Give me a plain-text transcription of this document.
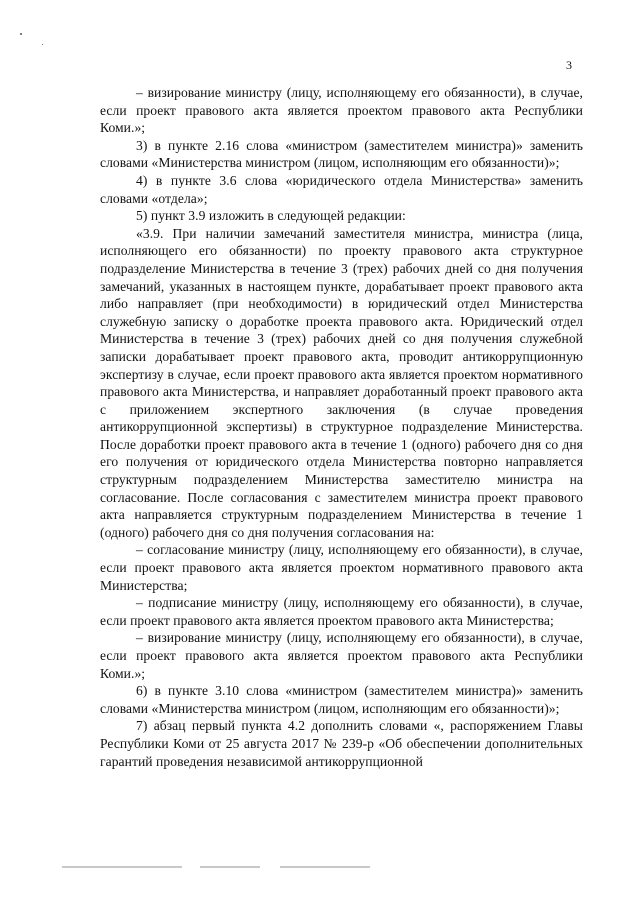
3

– визирование министру (лицу, исполняющему его обязанности), в случае, если проект правового акта является проектом правового акта Республики Коми.»;

3) в пункте 2.16 слова «министром (заместителем министра)» заменить словами «Министерства министром (лицом, исполняющим его обязанности)»;

4) в пункте 3.6 слова «юридического отдела Министерства» заменить словами «отдела»;

5) пункт 3.9 изложить в следующей редакции:

«3.9. При наличии замечаний заместителя министра, министра (лица, исполняющего его обязанности) по проекту правового акта структурное подразделение Министерства в течение 3 (трех) рабочих дней со дня получения замечаний, указанных в настоящем пункте, дорабатывает проект правового акта либо направляет (при необходимости) в юридический отдел Министерства служебную записку о доработке проекта правового акта. Юридический отдел Министерства в течение 3 (трех) рабочих дней со дня получения служебной записки дорабатывает проект правового акта, проводит антикоррупционную экспертизу в случае, если проект правового акта является проектом нормативного правового акта Министерства, и направляет доработанный проект правового акта с приложением экспертного заключения (в случае проведения антикоррупционной экспертизы) в структурное подразделение Министерства. После доработки проект правового акта в течение 1 (одного) рабочего дня со дня его получения от юридического отдела Министерства повторно направляется структурным подразделением Министерства заместителю министра на согласование. После согласования с заместителем министра проект правового акта направляется структурным подразделением Министерства в течение 1 (одного) рабочего дня со дня получения согласования на:

– согласование министру (лицу, исполняющему его обязанности), в случае, если проект правового акта является проектом нормативного правового акта Министерства;

– подписание министру (лицу, исполняющему его обязанности), в случае, если проект правового акта является проектом правового акта Министерства;

– визирование министру (лицу, исполняющему его обязанности), в случае, если проект правового акта является проектом правового акта Республики Коми.»;

6) в пункте 3.10 слова «министром (заместителем министра)» заменить словами «Министерства министром (лицом, исполняющим его обязанности)»;

7) абзац первый пункта 4.2 дополнить словами «, распоряжением Главы Республики Коми от 25 августа 2017 № 239-р «Об обеспечении дополнительных гарантий проведения независимой антикоррупционной
